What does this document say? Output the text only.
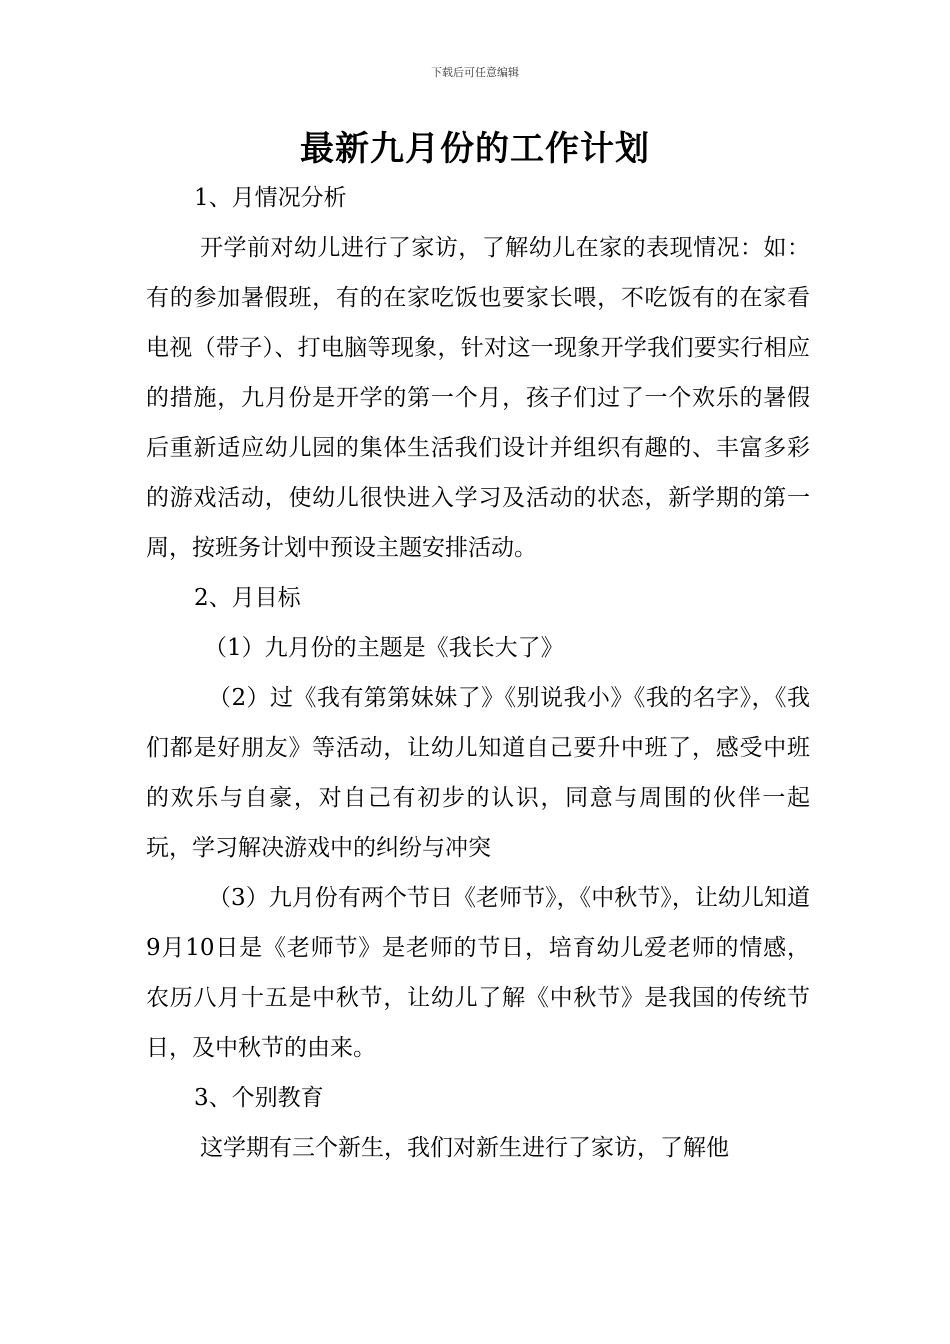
下载后可任意编辑
最新九月份的工作计划

1、月情况分析

开学前对幼儿进行了家访，了解幼儿在家的表现情况：如：有的参加暑假班，有的在家吃饭也要家长喂，不吃饭有的在家看电视（带子）、打电脑等现象，针对这一现象开学我们要实行相应的措施，九月份是开学的第一个月，孩子们过了一个欢乐的暑假后重新适应幼儿园的集体生活我们设计并组织有趣的、丰富多彩的游戏活动，使幼儿很快进入学习及活动的状态，新学期的第一周，按班务计划中预设主题安排活动。

2、月目标

（1）九月份的主题是《我长大了》

（2）过《我有第第妹妹了》《别说我小》《我的名字》，《我们都是好朋友》等活动，让幼儿知道自己要升中班了，感受中班的欢乐与自豪，对自己有初步的认识，同意与周围的伙伴一起玩，学习解决游戏中的纠纷与冲突

（3）九月份有两个节日《老师节》，《中秋节》，让幼儿知道9月10日是《老师节》是老师的节日，培育幼儿爱老师的情感，农历八月十五是中秋节，让幼儿了解《中秋节》是我国的传统节日，及中秋节的由来。

3、个别教育

这学期有三个新生，我们对新生进行了家访，了解他
